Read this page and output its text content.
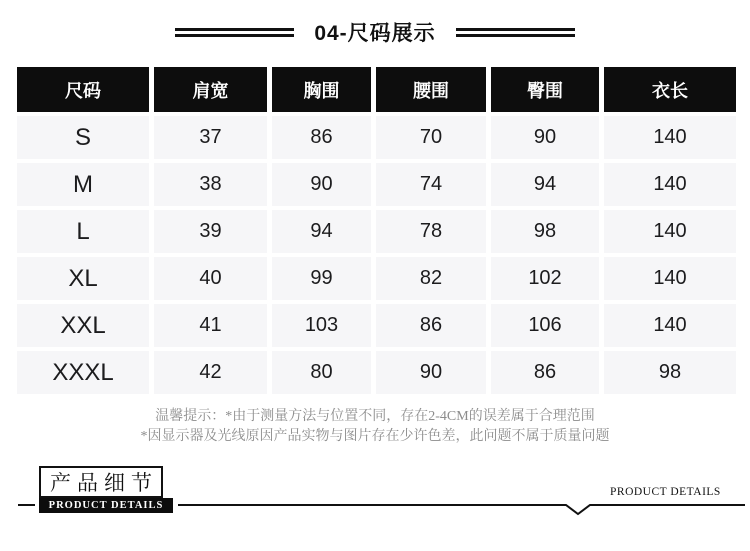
04-尺码展示
尺码	肩宽	胸围	腰围	臀围	衣长
S	37	86	70	90	140
M	38	90	74	94	140
L	39	94	78	98	140
XL	40	99	82	102	140
XXL	41	103	86	106	140
XXXL	42	80	90	86	98
温馨提示：*由于测量方法与位置不同，存在2-4CM的误差属于合理范围
*因显示器及光线原因产品实物与图片存在少许色差，此问题不属于质量问题
产品细节
PRODUCT DETAILS
PRODUCT DETAILS
